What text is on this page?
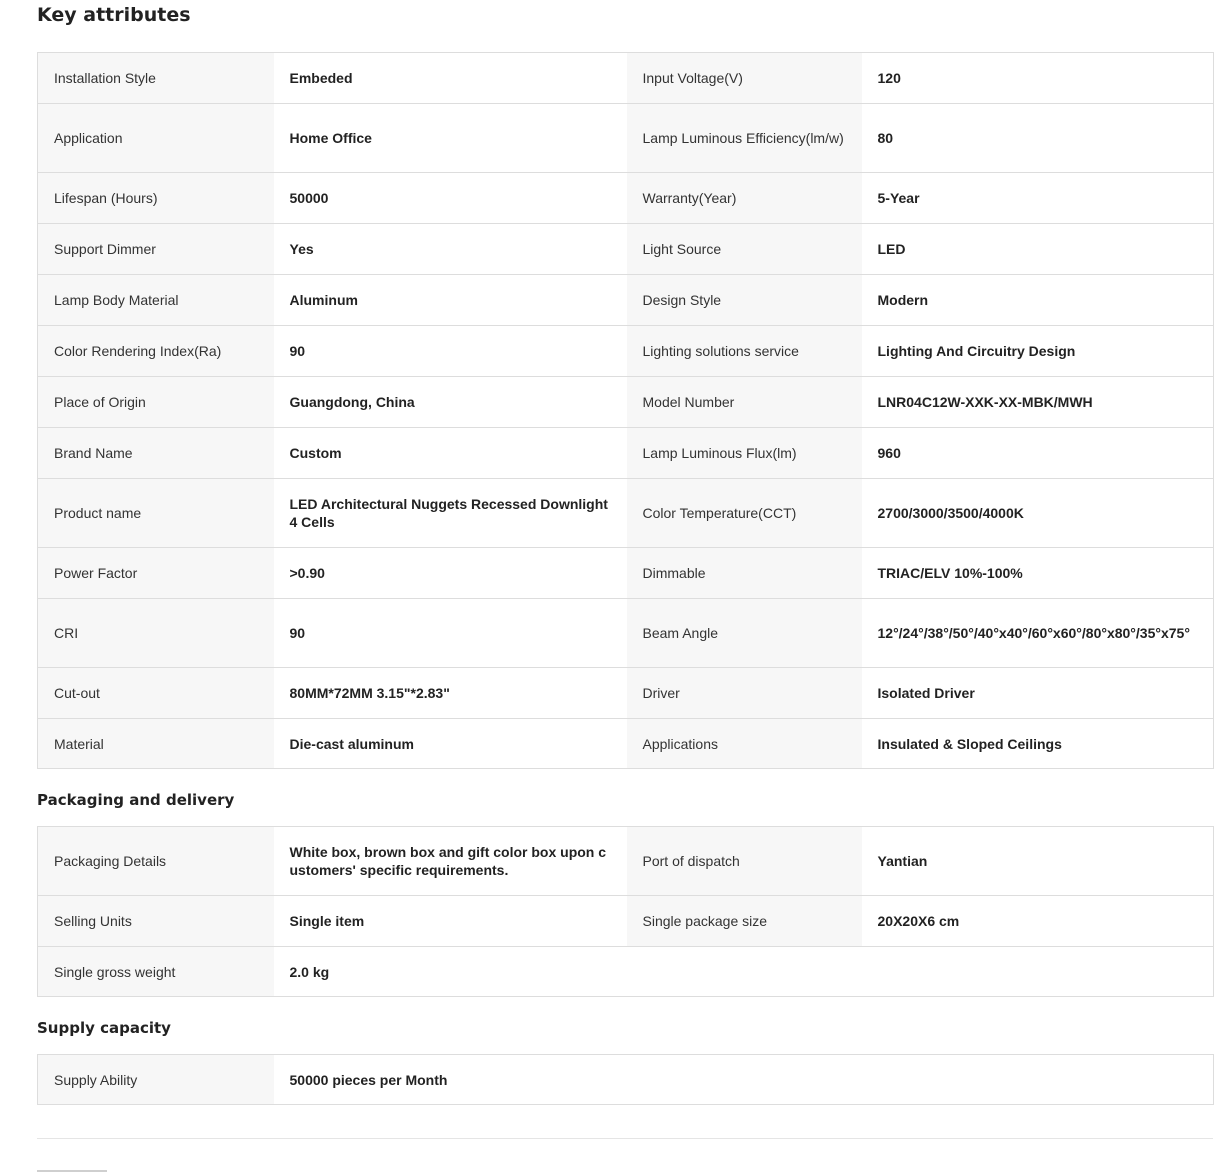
Key attributes
Installation Style	Embeded	Input Voltage(V)	120
Application	Home Office	Lamp Luminous Efficiency(lm/w)	80
Lifespan (Hours)	50000	Warranty(Year)	5-Year
Support Dimmer	Yes	Light Source	LED
Lamp Body Material	Aluminum	Design Style	Modern
Color Rendering Index(Ra)	90	Lighting solutions service	Lighting And Circuitry Design
Place of Origin	Guangdong, China	Model Number	LNR04C12W-XXK-XX-MBK/MWH
Brand Name	Custom	Lamp Luminous Flux(lm)	960
Product name	LED Architectural Nuggets Recessed Downlight 4 Cells	Color Temperature(CCT)	2700/3000/3500/4000K
Power Factor	>0.90	Dimmable	TRIAC/ELV 10%-100%
CRI	90	Beam Angle	12°/24°/38°/50°/40°x40°/60°x60°/80°x80°/35°x75°
Cut-out	80MM*72MM 3.15"*2.83"	Driver	Isolated Driver
Material	Die-cast aluminum	Applications	Insulated & Sloped Ceilings
Packaging and delivery
Packaging Details	White box, brown box and gift color box upon customers' specific requirements.	Port of dispatch	Yantian
Selling Units	Single item	Single package size	20X20X6 cm
Single gross weight	2.0 kg		
Supply capacity
Supply Ability	50000 pieces per Month
